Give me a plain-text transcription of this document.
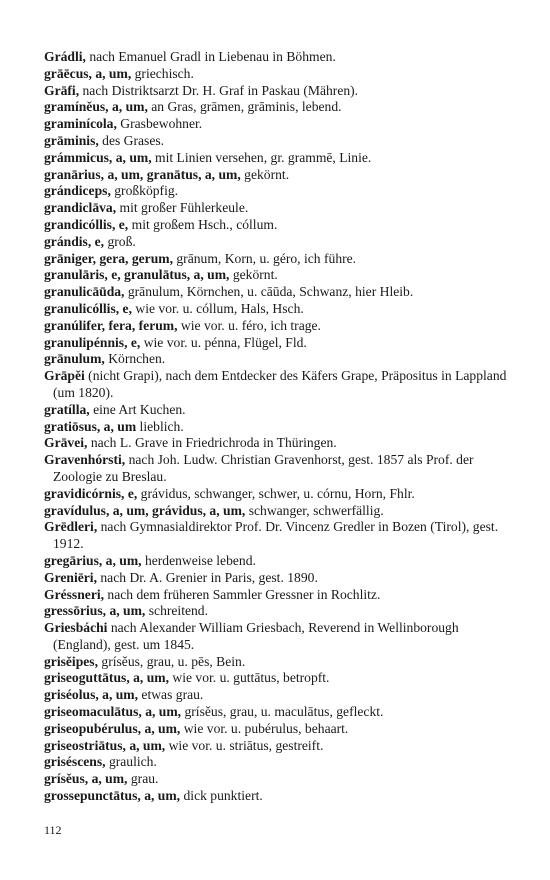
Grádli, nach Emanuel Gradl in Liebenau in Böhmen.
grāēcus, a, um, griechisch.
Grāfi, nach Distriktsarzt Dr. H. Graf in Paskau (Mähren).
gramíněus, a, um, an Gras, grāmen, grāminis, lebend.
graminícola, Grasbewohner.
grāminis, des Grases.
grámmicus, a, um, mit Linien versehen, gr. grammē, Linie.
granārius, a, um, granātus, a, um, gekörnt.
grándiceps, großköpfig.
grandiclāva, mit großer Fühlerkeule.
grandicóllis, e, mit großem Hsch., cóllum.
grándis, e, groß.
grāniger, gera, gerum, grānum, Korn, u. géro, ich führe.
granulāris, e, granulātus, a, um, gekörnt.
granulicāūda, grānulum, Körnchen, u. cāūda, Schwanz, hier Hleib.
granulicóllis, e, wie vor. u. cóllum, Hals, Hsch.
granúlifer, fera, ferum, wie vor. u. féro, ich trage.
granulipénnis, e, wie vor. u. pénna, Flügel, Fld.
grānulum, Körnchen.
Grāpěi (nicht Grapi), nach dem Entdecker des Käfers Grape, Präpositus in Lappland (um 1820).
gratílla, eine Art Kuchen.
gratiōsus, a, um lieblich.
Grāvei, nach L. Grave in Friedrichroda in Thüringen.
Gravenhórsti, nach Joh. Ludw. Christian Gravenhorst, gest. 1857 als Prof. der Zoologie zu Breslau.
gravidicórnis, e, grávidus, schwanger, schwer, u. córnu, Horn, Fhlr.
gravídulus, a, um, grávidus, a, um, schwanger, schwerfällig.
Grēdleri, nach Gymnasialdirektor Prof. Dr. Vincenz Gredler in Bozen (Tirol), gest. 1912.
gregārius, a, um, herdenweise lebend.
Greniēri, nach Dr. A. Grenier in Paris, gest. 1890.
Gréssneri, nach dem früheren Sammler Gressner in Rochlitz.
gressōrius, a, um, schreitend.
Griesbáchi nach Alexander William Griesbach, Reverend in Wellinborough (England), gest. um 1845.
grisěipes, grísěus, grau, u. pēs, Bein.
griseoguttātus, a, um, wie vor. u. guttātus, betropft.
griséolus, a, um, etwas grau.
griseomaculātus, a, um, grísěus, grau, u. maculātus, gefleckt.
griseopubérulus, a, um, wie vor. u. pubérulus, behaart.
griseostriātus, a, um, wie vor. u. striātus, gestreift.
griséscens, graulich.
grísěus, a, um, grau.
grossepunctātus, a, um, dick punktiert.
112
